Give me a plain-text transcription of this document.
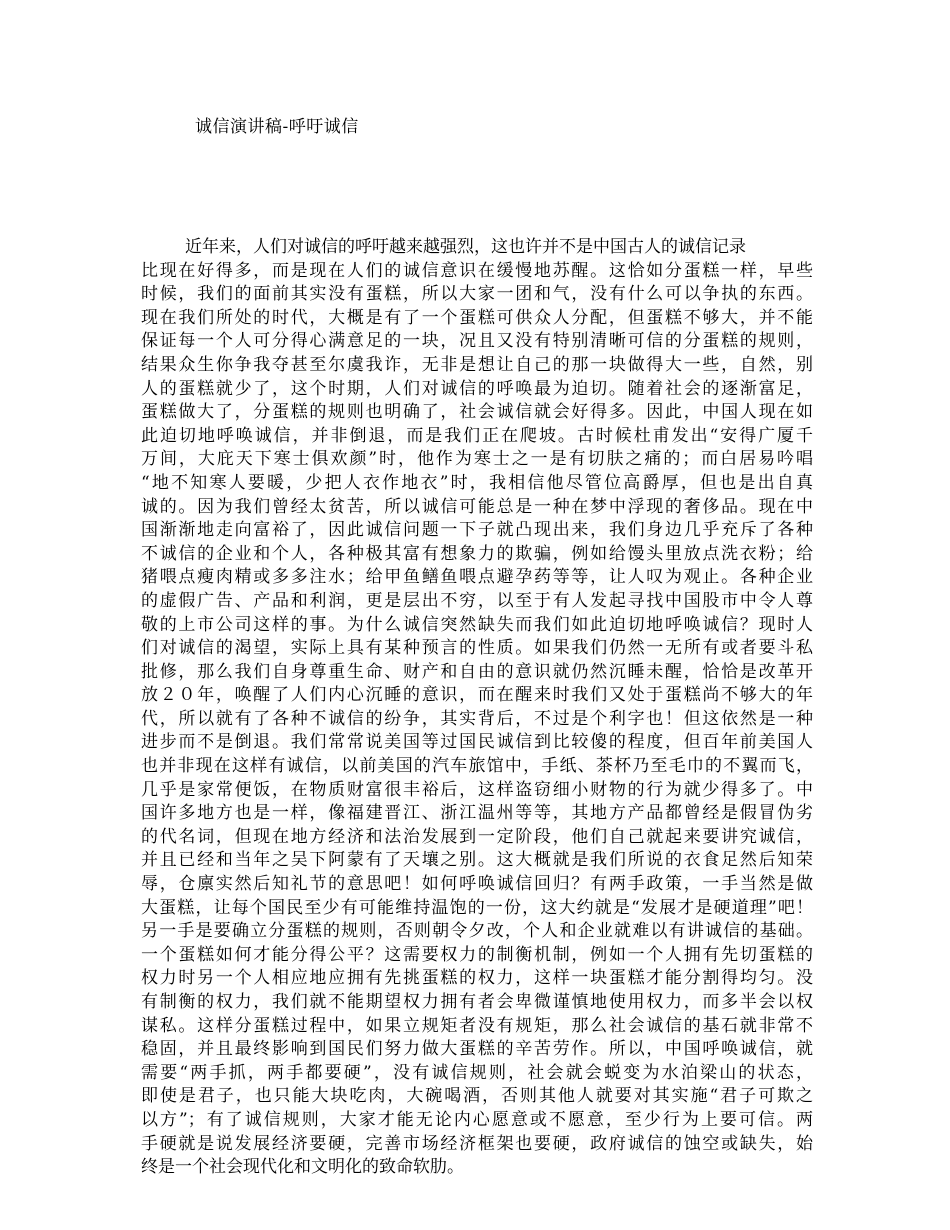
诚信演讲稿-呼吁诚信
近年来，人们对诚信的呼吁越来越强烈，这也许并不是中国古人的诚信记录
比现在好得多，而是现在人们的诚信意识在缓慢地苏醒。这恰如分蛋糕一样，早些
时候，我们的面前其实没有蛋糕，所以大家一团和气，没有什么可以争执的东西。
现在我们所处的时代，大概是有了一个蛋糕可供众人分配，但蛋糕不够大，并不能
保证每一个人可分得心满意足的一块，况且又没有特别清晰可信的分蛋糕的规则，
结果众生你争我夺甚至尔虞我诈，无非是想让自己的那一块做得大一些，自然，别
人的蛋糕就少了，这个时期，人们对诚信的呼唤最为迫切。随着社会的逐渐富足，
蛋糕做大了，分蛋糕的规则也明确了，社会诚信就会好得多。因此，中国人现在如
此迫切地呼唤诚信，并非倒退，而是我们正在爬坡。古时候杜甫发出“安得广厦千
万间，大庇天下寒士俱欢颜”时，他作为寒士之一是有切肤之痛的；而白居易吟唱
“地不知寒人要暖，少把人衣作地衣”时，我相信他尽管位高爵厚，但也是出自真
诚的。因为我们曾经太贫苦，所以诚信可能总是一种在梦中浮现的奢侈品。现在中
国渐渐地走向富裕了，因此诚信问题一下子就凸现出来，我们身边几乎充斥了各种
不诚信的企业和个人，各种极其富有想象力的欺骗，例如给馒头里放点洗衣粉；给
猪喂点瘦肉精或多多注水；给甲鱼鳝鱼喂点避孕药等等，让人叹为观止。各种企业
的虚假广告、产品和利润，更是层出不穷，以至于有人发起寻找中国股市中令人尊
敬的上市公司这样的事。为什么诚信突然缺失而我们如此迫切地呼唤诚信？现时人
们对诚信的渴望，实际上具有某种预言的性质。如果我们仍然一无所有或者要斗私
批修，那么我们自身尊重生命、财产和自由的意识就仍然沉睡未醒，恰恰是改革开
放２０年，唤醒了人们内心沉睡的意识，而在醒来时我们又处于蛋糕尚不够大的年
代，所以就有了各种不诚信的纷争，其实背后，不过是个利字也！但这依然是一种
进步而不是倒退。我们常常说美国等过国民诚信到比较傻的程度，但百年前美国人
也并非现在这样有诚信，以前美国的汽车旅馆中，手纸、茶杯乃至毛巾的不翼而飞，
几乎是家常便饭，在物质财富很丰裕后，这样盗窃细小财物的行为就少得多了。中
国许多地方也是一样，像福建晋江、浙江温州等等，其地方产品都曾经是假冒伪劣
的代名词，但现在地方经济和法治发展到一定阶段，他们自己就起来要讲究诚信，
并且已经和当年之吴下阿蒙有了天壤之别。这大概就是我们所说的衣食足然后知荣
辱，仓廪实然后知礼节的意思吧！如何呼唤诚信回归？有两手政策，一手当然是做
大蛋糕，让每个国民至少有可能维持温饱的一份，这大约就是“发展才是硬道理”吧！
另一手是要确立分蛋糕的规则，否则朝令夕改，个人和企业就难以有讲诚信的基础。
一个蛋糕如何才能分得公平？这需要权力的制衡机制，例如一个人拥有先切蛋糕的
权力时另一个人相应地应拥有先挑蛋糕的权力，这样一块蛋糕才能分割得均匀。没
有制衡的权力，我们就不能期望权力拥有者会卑微谨慎地使用权力，而多半会以权
谋私。这样分蛋糕过程中，如果立规矩者没有规矩，那么社会诚信的基石就非常不
稳固，并且最终影响到国民们努力做大蛋糕的辛苦劳作。所以，中国呼唤诚信，就
需要“两手抓，两手都要硬”，没有诚信规则，社会就会蜕变为水泊梁山的状态，
即使是君子，也只能大块吃肉，大碗喝酒，否则其他人就要对其实施“君子可欺之
以方”；有了诚信规则，大家才能无论内心愿意或不愿意，至少行为上要可信。两
手硬就是说发展经济要硬，完善市场经济框架也要硬，政府诚信的蚀空或缺失，始
终是一个社会现代化和文明化的致命软肋。
